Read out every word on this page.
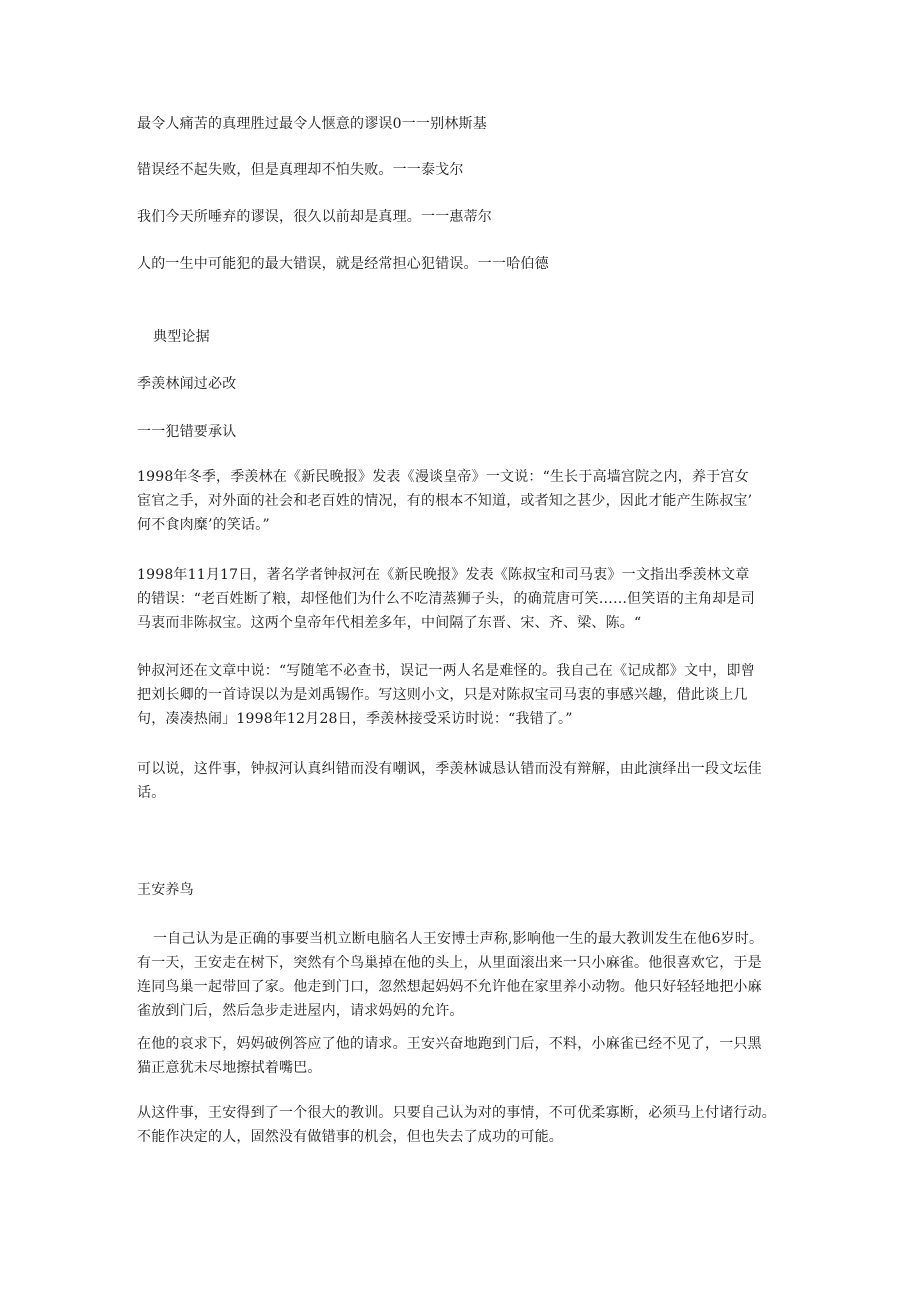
最令人痛苦的真理胜过最令人惬意的谬误0一一别林斯基

错误经不起失败，但是真理却不怕失败。一一泰戈尔

我们今天所唾弃的谬误，很久以前却是真理。一一惠蒂尔

人的一生中可能犯的最大错误，就是经常担心犯错误。一一哈伯德

典型论据

季羡林闻过必改

一一犯错要承认

1998年冬季，季羡林在《新民晚报》发表《漫谈皇帝》一文说：“生长于高墙宫院之内，养于宫女
宦官之手，对外面的社会和老百姓的情况，有的根本不知道，或者知之甚少，因此才能产生陈叔宝’
何不食肉糜’的笑话。”

1998年11月17日，著名学者钟叔河在《新民晚报》发表《陈叔宝和司马衷》一文指出季羡林文章
的错误：“老百姓断了粮，却怪他们为什么不吃清蒸狮子头，的确荒唐可笑……但笑语的主角却是司
马衷而非陈叔宝。这两个皇帝年代相差多年，中间隔了东晋、宋、齐、梁、陈。“

钟叔河还在文章中说：“写随笔不必查书，误记一两人名是难怪的。我自己在《记成都》文中，即曾
把刘长卿的一首诗误以为是刘禹锡作。写这则小文，只是对陈叔宝司马衷的事感兴趣，借此谈上几
句，凑凑热闹」1998年12月28日，季羡林接受采访时说：“我错了。”

可以说，这件事，钟叔河认真纠错而没有嘲讽，季羡林诚恳认错而没有辩解，由此演绎出一段文坛佳
话。

王安养鸟

一自己认为是正确的事要当机立断电脑名人王安博士声称,影响他一生的最大教训发生在他6岁时。
有一天，王安走在树下，突然有个鸟巢掉在他的头上，从里面滚出来一只小麻雀。他很喜欢它，于是
连同鸟巢一起带回了家。他走到门口，忽然想起妈妈不允许他在家里养小动物。他只好轻轻地把小麻
雀放到门后，然后急步走进屋内，请求妈妈的允许。

在他的哀求下，妈妈破例答应了他的请求。王安兴奋地跑到门后，不料，小麻雀已经不见了，一只黑
猫正意犹未尽地擦拭着嘴巴。

从这件事，王安得到了一个很大的教训。只要自己认为对的事情，不可优柔寡断，必须马上付诸行动。
不能作决定的人，固然没有做错事的机会，但也失去了成功的可能。
